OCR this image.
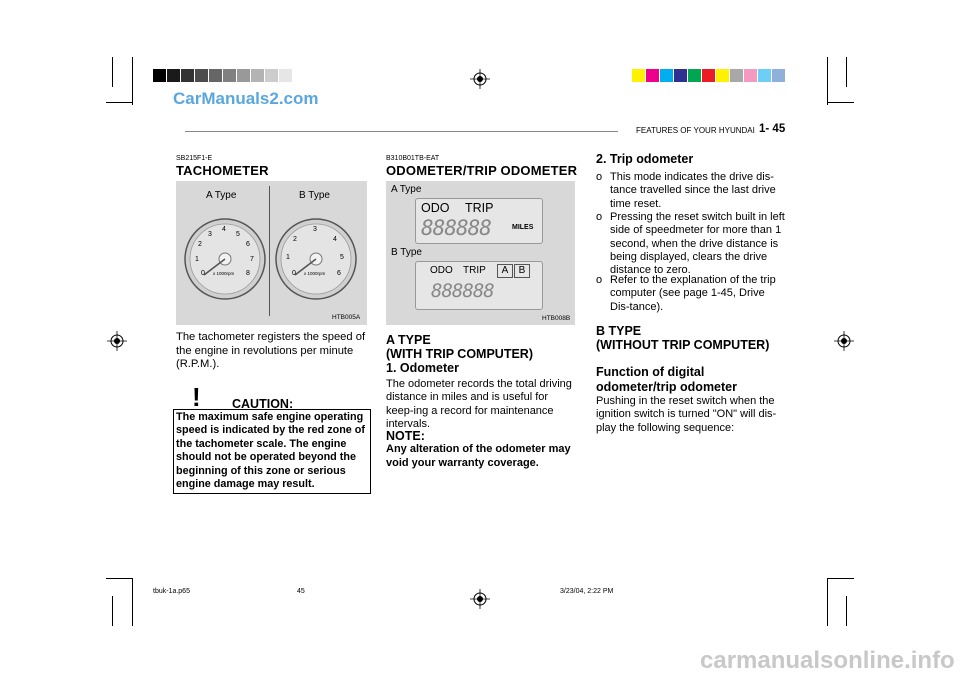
CarManuals2.com
FEATURES OF YOUR HYUNDAI 1- 45
SB215F1-E
TACHOMETER
A Type	B Type
0
1
2
3
4
5
6
7
8
x 1000rpm	0
1
2
3
4
5
6
x 1000rpm
HTB005A
The tachometer registers the speed of the engine in revolutions per minute (R.P.M.).
!	CAUTION:
The maximum safe engine operating speed is indicated by the red zone of the tachometer scale. The engine should not be operated beyond the beginning of this zone or serious engine damage may result.
B310B01TB-EAT
ODOMETER/TRIP ODOMETER
A Type
ODO TRIP
888888	MILES
B Type
ODO TRIP	A	B
888888
HTB008B
A TYPE
(WITH TRIP COMPUTER)
1. Odometer
The odometer records the total driving distance in miles and is useful for keep-ing a record for maintenance intervals.
NOTE:
Any alteration of the odometer may void your warranty coverage.
2. Trip odometer
o This mode indicates the drive dis-tance travelled since the last drive time reset.
o Pressing the reset switch built in left side of speedmeter for more than 1 second, when the drive distance is being displayed, clears the drive distance to zero.
o Refer to the explanation of the trip computer (see page 1-45, Drive Dis-tance).
B TYPE
(WITHOUT TRIP COMPUTER)
Function of digital odometer/trip odometer
Pushing in the reset switch when the ignition switch is turned "ON" will dis-play the following sequence:
tbuk-1a.p65	45	3/23/04, 2:22 PM
carmanualsonline.info
